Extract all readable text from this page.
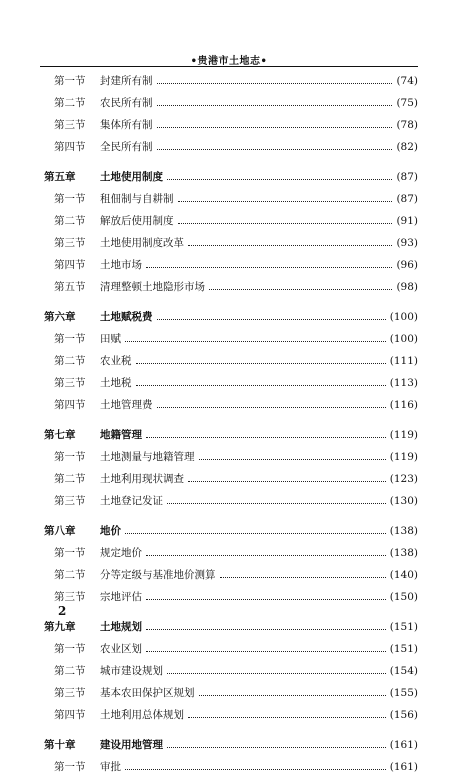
•贵港市土地志•
第一节	封建所有制	(74)
第二节	农民所有制	(75)
第三节	集体所有制	(78)
第四节	全民所有制	(82)
第五章	土地使用制度	(87)
第一节	租佃制与自耕制	(87)
第二节	解放后使用制度	(91)
第三节	土地使用制度改革	(93)
第四节	土地市场	(96)
第五节	清理整顿土地隐形市场	(98)
第六章	土地赋税费	(100)
第一节	田赋	(100)
第二节	农业税	(111)
第三节	土地税	(113)
第四节	土地管理费	(116)
第七章	地籍管理	(119)
第一节	土地测量与地籍管理	(119)
第二节	土地利用现状调查	(123)
第三节	土地登记发证	(130)
第八章	地价	(138)
第一节	规定地价	(138)
第二节	分等定级与基准地价测算	(140)
第三节	宗地评估	(150)
第九章	土地规划	(151)
第一节	农业区划	(151)
第二节	城市建设规划	(154)
第三节	基本农田保护区规划	(155)
第四节	土地利用总体规划	(156)
第十章	建设用地管理	(161)
第一节	审批	(161)
2
